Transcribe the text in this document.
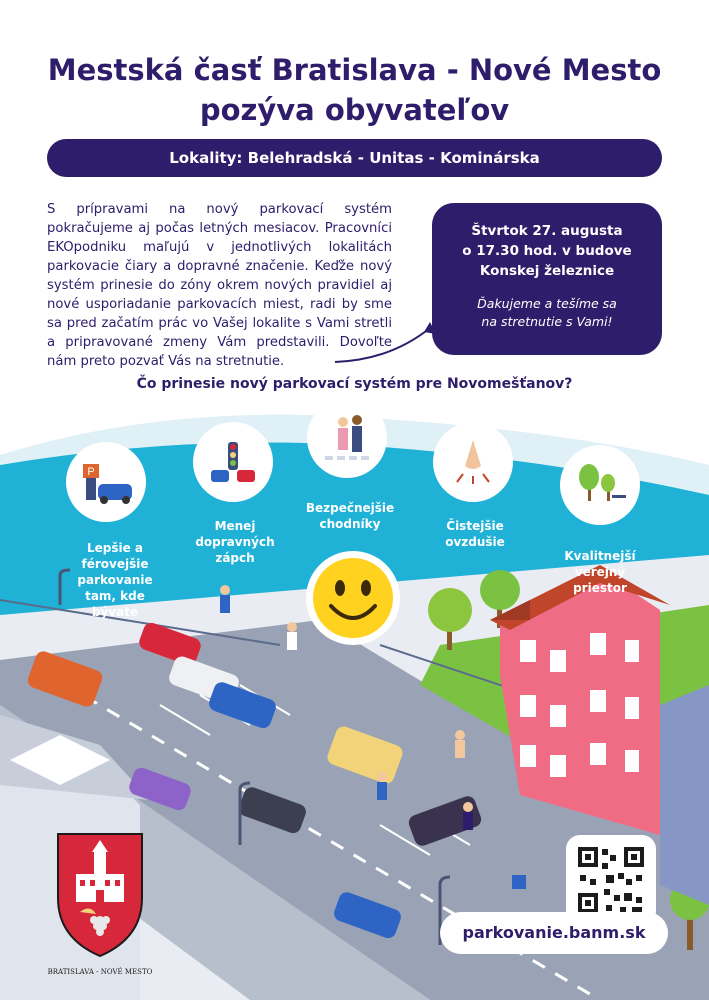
Mestská časť Bratislava - Nové Mesto
pozýva obyvateľov
Lokality: Belehradská - Unitas - Kominárska
S prípravami na nový parkovací systém pokračujeme aj počas letných mesiacov. Pracovníci EKOpodniku maľujú v jednotlivých lokalitách parkovacie čiary a dopravné značenie. Keďže nový systém prinesie do zóny okrem nových pravidiel aj nové usporiadanie parkovacích miest, radi by sme sa pred začatím prác vo Vašej lokalite s Vami stretli a pripravované zmeny Vám predstavili. Dovoľte nám preto pozvať Vás na stretnutie.
Štvrtok 27. augusta
o 17.30 hod. v budove
Konskej železnice
Ďakujeme a tešíme sa
na stretnutie s Vami!
Čo prinesie nový parkovací systém pre Novomešťanov?
P
Lepšie a
férovejšie
parkovanie
tam, kde
bývate
Menej
dopravných
zápch
Bezpečnejšie
chodníky	Čistejšie
ovzdušie
Kvalitnejší
verejný
priestor
BRATISLAVA - NOVÉ MESTO
parkovanie.banm.sk
